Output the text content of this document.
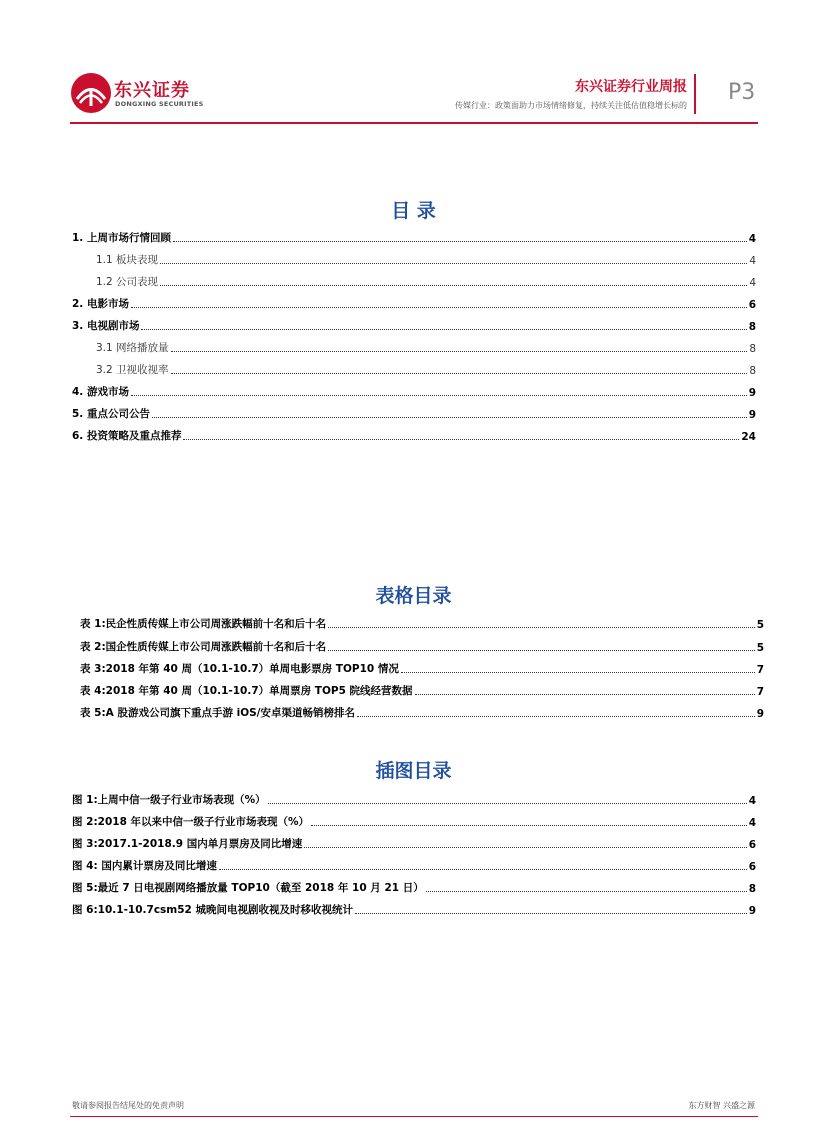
东兴证券
DONGXING SECURITIES
东兴证券行业周报
传媒行业：政策面助力市场情绪修复，持续关注低估值稳增长标的
P3
目 录
1. 上周市场行情回顾	4
1.1 板块表现	4
1.2 公司表现	4
2. 电影市场	6
3. 电视剧市场	8
3.1 网络播放量	8
3.2 卫视收视率	8
4. 游戏市场	9
5. 重点公司公告	9
6. 投资策略及重点推荐	24
表格目录
表 1:民企性质传媒上市公司周涨跌幅前十名和后十名	5
表 2:国企性质传媒上市公司周涨跌幅前十名和后十名	5
表 3:2018 年第 40 周（10.1-10.7）单周电影票房 TOP10 情况	7
表 4:2018 年第 40 周（10.1-10.7）单周票房 TOP5 院线经营数据	7
表 5:A 股游戏公司旗下重点手游 iOS/安卓渠道畅销榜排名	9
插图目录
图 1:上周中信一级子行业市场表现（%）	4
图 2:2018 年以来中信一级子行业市场表现（%）	4
图 3:2017.1-2018.9 国内单月票房及同比增速	6
图 4: 国内累计票房及同比增速	6
图 5:最近 7 日电视剧网络播放量 TOP10（截至 2018 年 10 月 21 日）	8
图 6:10.1-10.7csm52 城晚间电视剧收视及时移收视统计	9
敬请参阅报告结尾处的免责声明	东方财智 兴盛之源
